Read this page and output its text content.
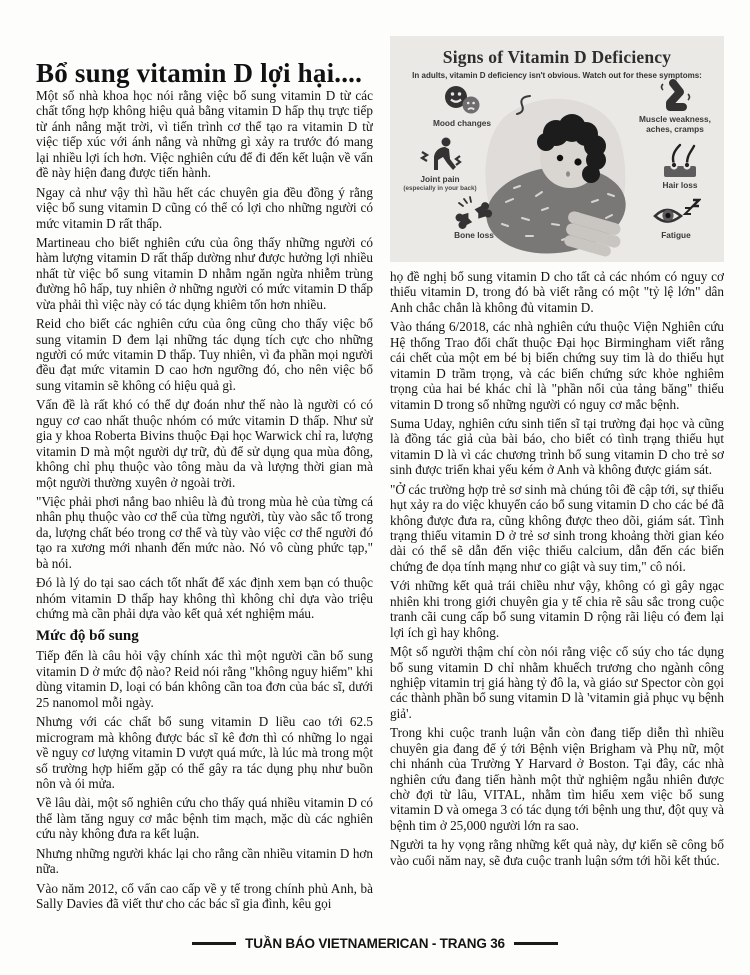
Bổ sung vitamin D lợi hại....

Một số nhà khoa học nói rằng việc bổ sung vitamin D từ các chất tổng hợp không hiệu quả bằng vitamin D hấp thụ trực tiếp từ ánh nắng mặt trời, vì tiến trình cơ thể tạo ra vitamin D từ việc tiếp xúc với ánh nắng và những gì xảy ra trước đó mang lại nhiều lợi ích hơn. Việc nghiên cứu để đi đến kết luận về vấn đề này hiện đang được tiến hành.

Ngay cả như vậy thì hầu hết các chuyên gia đều đồng ý rằng việc bổ sung vitamin D cũng có thể có lợi cho những người có mức vitamin D rất thấp.

Martineau cho biết nghiên cứu của ông thấy những người có hàm lượng vitamin D rất thấp dường như được hưởng lợi nhiều nhất từ việc bổ sung vitamin D nhằm ngăn ngừa nhiễm trùng đường hô hấp, tuy nhiên ở những người có mức vitamin D thấp vừa phải thì việc này có tác dụng khiêm tốn hơn nhiều.

Reid cho biết các nghiên cứu của ông cũng cho thấy việc bổ sung vitamin D đem lại những tác dụng tích cực cho những người có mức vitamin D thấp. Tuy nhiên, vì đa phần mọi người đều đạt mức vitamin D cao hơn ngưỡng đó, cho nên việc bổ sung vitamin sẽ không có hiệu quả gì.

Vấn đề là rất khó có thể dự đoán như thế nào là người có có nguy cơ cao nhất thuộc nhóm có mức vitamin D thấp. Như sử gia y khoa Roberta Bivins thuộc Đại học Warwick chỉ ra, lượng vitamin D mà một người dự trữ, đủ để sử dụng qua mùa đông, không chỉ phụ thuộc vào tông màu da và lượng thời gian mà một người thường xuyên ở ngoài trời.

"Việc phải phơi nắng bao nhiêu là đủ trong mùa hè của từng cá nhân phụ thuộc vào cơ thể của từng người, tùy vào sắc tố trong da, lượng chất béo trong cơ thể và tùy vào việc cơ thể người đó tạo ra xương mới nhanh đến mức nào. Nó vô cùng phức tạp," bà nói.

Đó là lý do tại sao cách tốt nhất để xác định xem bạn có thuộc nhóm vitamin D thấp hay không thì không chỉ dựa vào triệu chứng mà cần phải dựa vào kết quả xét nghiệm máu.

Mức độ bổ sung

Tiếp đến là câu hỏi vậy chính xác thì một người cần bổ sung vitamin D ở mức độ nào? Reid nói rằng "không nguy hiểm" khi dùng vitamin D, loại có bán không cần toa đơn của bác sĩ, dưới 25 nanomol mỗi ngày.

Nhưng với các chất bổ sung vitamin D liều cao tới 62.5 microgram mà không được bác sĩ kê đơn thì có những lo ngại về nguy cơ lượng vitamin D vượt quá mức, là lúc mà trong một số trường hợp hiếm gặp có thể gây ra tác dụng phụ như buồn nôn và ói mửa.

Về lâu dài, một số nghiên cứu cho thấy quá nhiều vitamin D có thể làm tăng nguy cơ mắc bệnh tim mạch, mặc dù các nghiên cứu này không đưa ra kết luận.

Nhưng những người khác lại cho rằng cần nhiều vitamin D hơn nữa.

Vào năm 2012, cố vấn cao cấp về y tế trong chính phủ Anh, bà Sally Davies đã viết thư cho các bác sĩ gia đình, kêu gọi

Signs of Vitamin D Deficiency
In adults, vitamin D deficiency isn't obvious. Watch out for these symptoms:
Mood changes
Joint pain
(especially in your back)
Bone loss
Muscle weakness, aches, cramps
Hair loss
Fatigue

họ đề nghị bổ sung vitamin D cho tất cả các nhóm có nguy cơ thiếu vitamin D, trong đó bà viết rằng có một "tỷ lệ lớn" dân Anh chắc chắn là không đủ vitamin D.

Vào tháng 6/2018, các nhà nghiên cứu thuộc Viện Nghiên cứu Hệ thống Trao đổi chất thuộc Đại học Birmingham viết rằng cái chết của một em bé bị biến chứng suy tim là do thiếu hụt vitamin D trầm trọng, và các biến chứng sức khỏe nghiêm trọng của hai bé khác chỉ là "phần nổi của tảng băng" thiếu vitamin D trong số những người có nguy cơ mắc bệnh.

Suma Uday, nghiên cứu sinh tiến sĩ tại trường đại học và cũng là đồng tác giả của bài báo, cho biết có tình trạng thiếu hụt vitamin D là vì các chương trình bổ sung vitamin D cho trẻ sơ sinh được triển khai yếu kém ở Anh và không được giám sát.

"Ở các trường hợp trẻ sơ sinh mà chúng tôi đề cập tới, sự thiếu hụt xảy ra do việc khuyến cáo bổ sung vitamin D cho các bé đã không được đưa ra, cũng không được theo dõi, giám sát. Tình trạng thiếu vitamin D ở trẻ sơ sinh trong khoảng thời gian kéo dài có thể sẽ dẫn đến việc thiếu calcium, dẫn đến các biến chứng đe dọa tính mạng như co giật và suy tim," cô nói.

Với những kết quả trái chiều như vậy, không có gì gây ngạc nhiên khi trong giới chuyên gia y tế chia rẽ sâu sắc trong cuộc tranh cãi cung cấp bổ sung vitamin D rộng rãi liệu có đem lại lợi ích gì hay không.

Một số người thậm chí còn nói rằng việc cổ súy cho tác dụng bổ sung vitamin D chỉ nhằm khuếch trương cho ngành công nghiệp vitamin trị giá hàng tỷ đô la, và giáo sư Spector còn gọi các thành phần bổ sung vitamin D là 'vitamin giả phục vụ bệnh giả'.

Trong khi cuộc tranh luận vẫn còn đang tiếp diễn thì nhiều chuyên gia đang để ý tới Bệnh viện Brigham và Phụ nữ, một chi nhánh của Trường Y Harvard ở Boston. Tại đây, các nhà nghiên cứu đang tiến hành một thử nghiệm ngẫu nhiên được chờ đợi từ lâu, VITAL, nhằm tìm hiểu xem việc bổ sung vitamin D và omega 3 có tác dụng tới bệnh ung thư, đột quỵ và bệnh tim ở 25,000 người lớn ra sao.

Người ta hy vọng rằng những kết quả này, dự kiến sẽ công bố vào cuối năm nay, sẽ đưa cuộc tranh luận sớm tới hồi kết thúc.

TUẦN BÁO VIETNAMERICAN - TRANG 36
